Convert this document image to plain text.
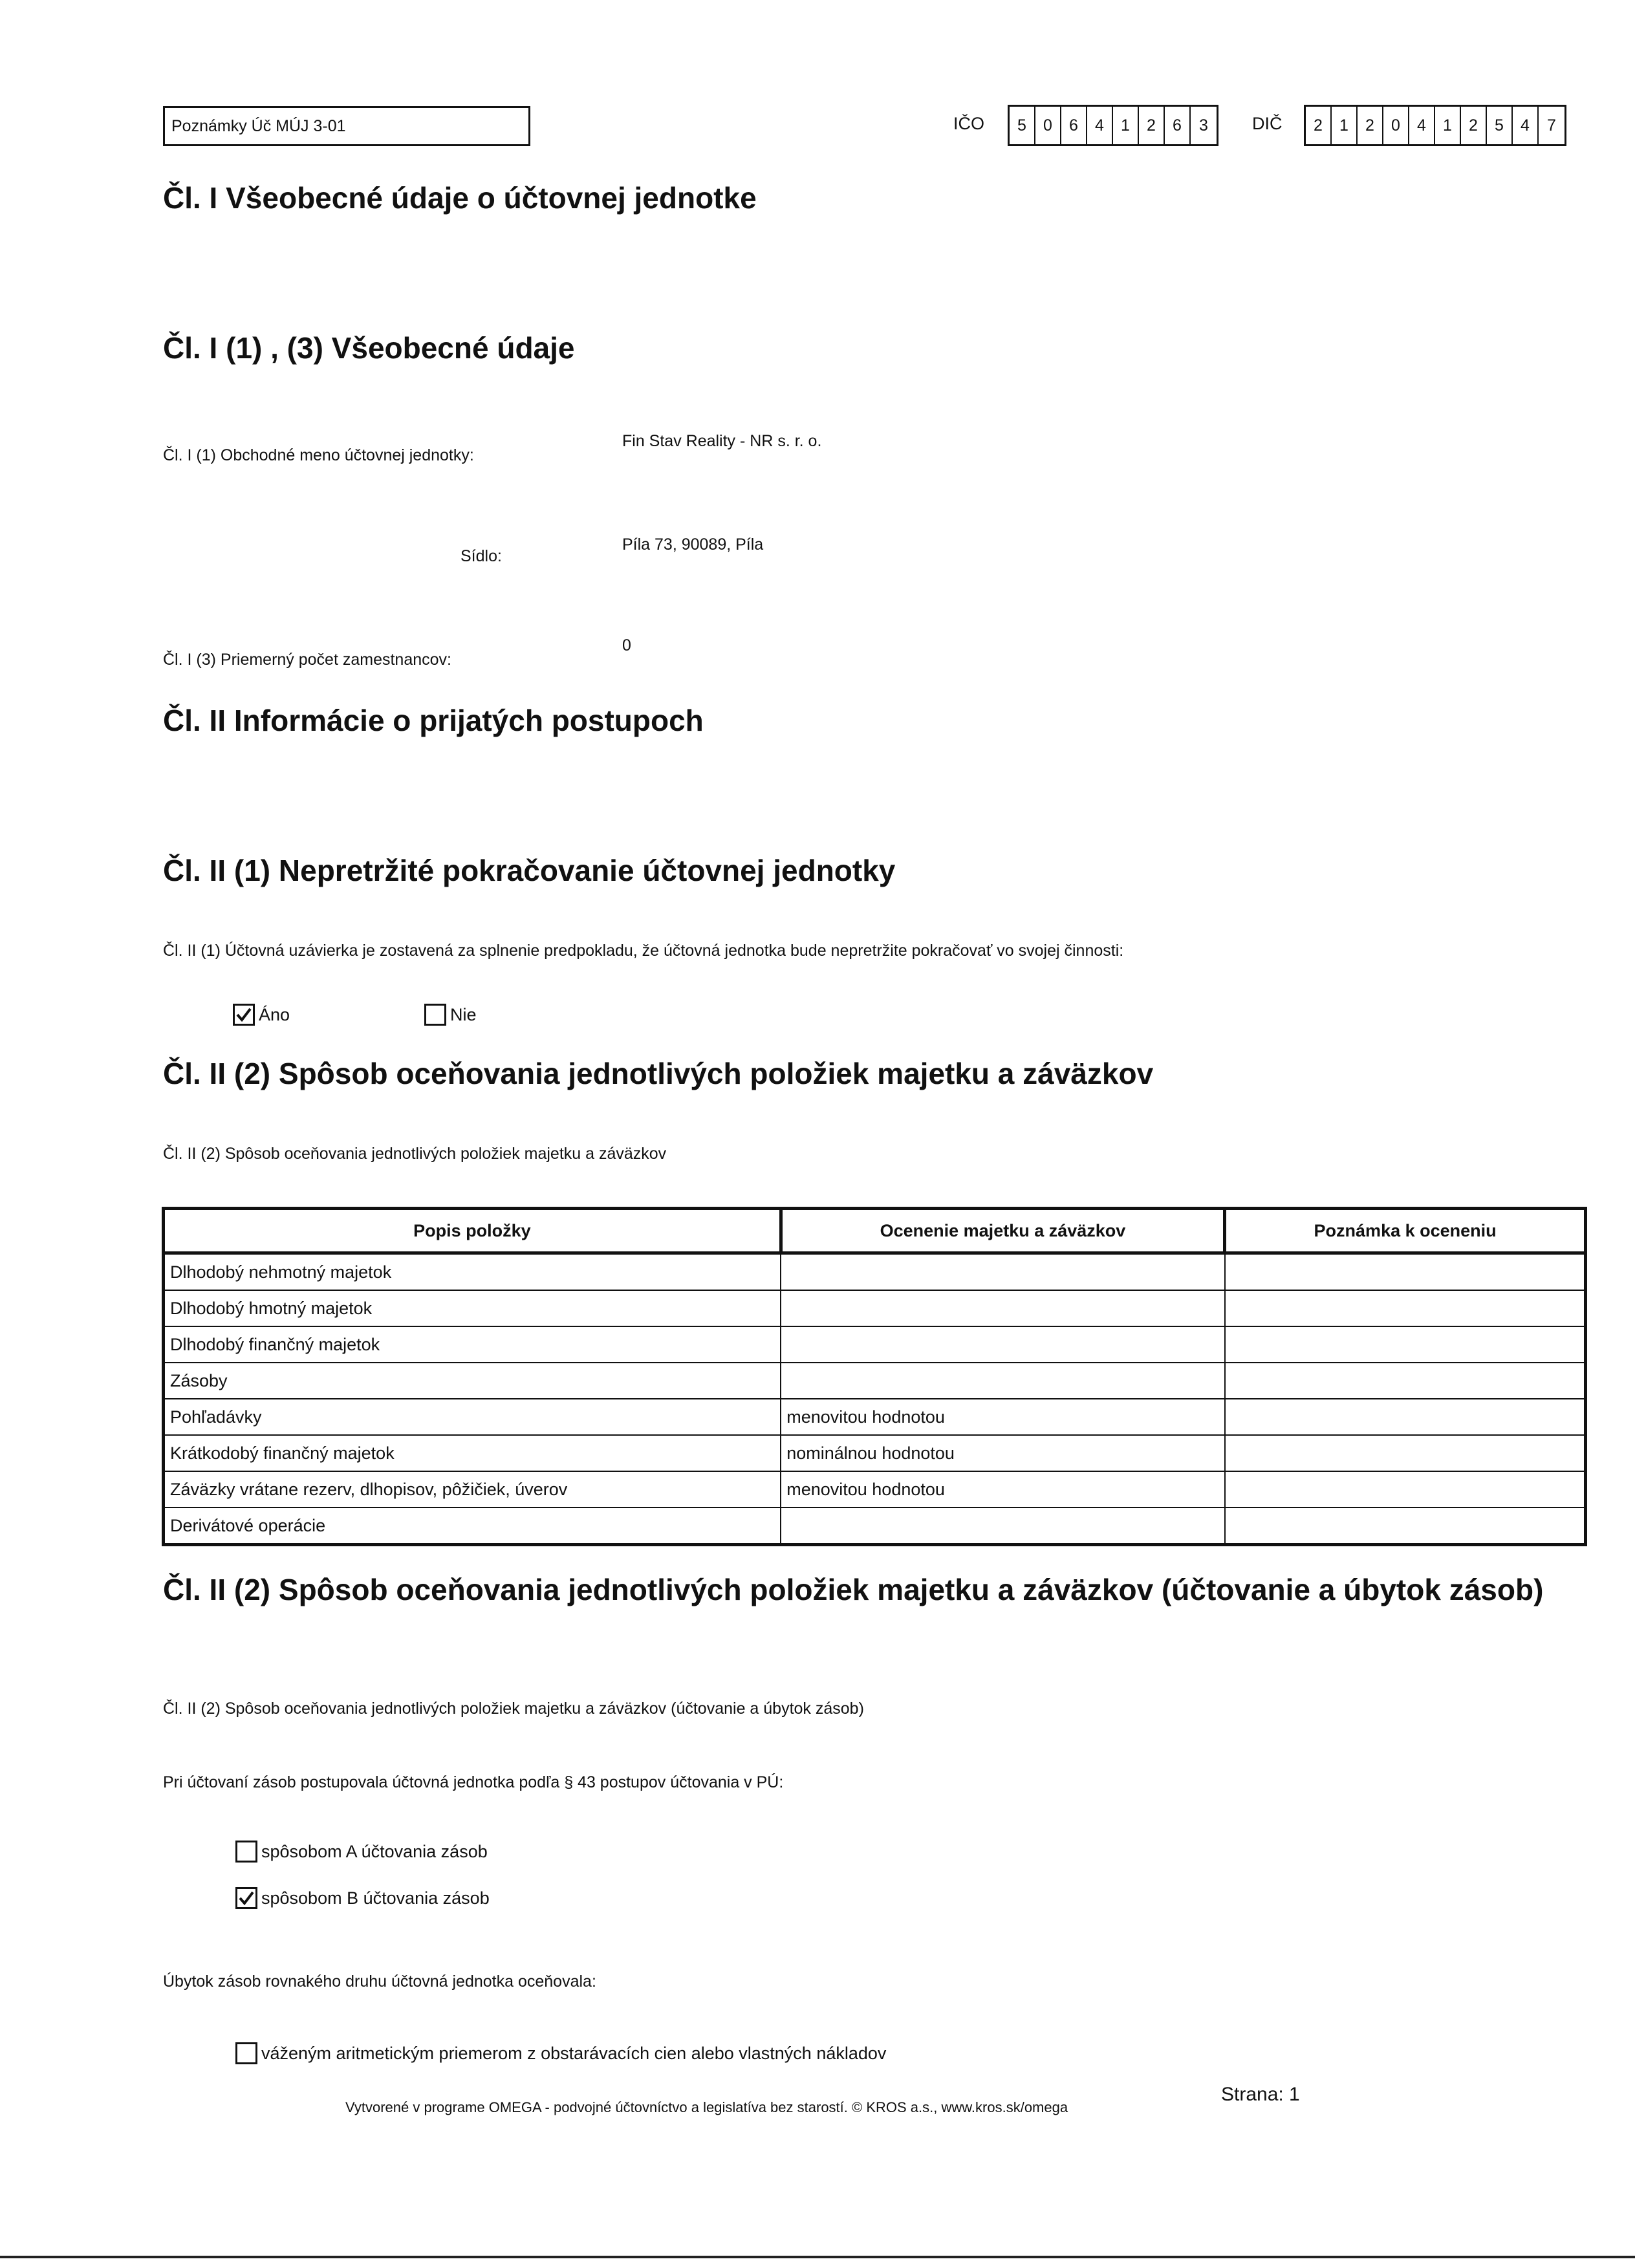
Poznámky Úč MÚJ 3-01	IČO	5	0	6	4	1	2	6	3	DIČ	2	1	2	0	4	1	2	5	4	7
Čl. I Všeobecné údaje o účtovnej jednotke
Čl. I (1) , (3) Všeobecné údaje
Čl. I (1) Obchodné meno účtovnej jednotky:
Fin Stav Reality - NR s. r. o.
Sídlo:
Píla 73, 90089, Píla
Čl. I (3) Priemerný počet zamestnancov:
0
Čl. II Informácie o prijatých postupoch
Čl. II (1) Nepretržité pokračovanie účtovnej jednotky
Čl. II (1) Účtovná uzávierka je zostavená za splnenie predpokladu, že účtovná jednotka bude nepretržite pokračovať vo svojej činnosti:
Áno	Nie
Čl. II (2) Spôsob oceňovania jednotlivých položiek majetku a záväzkov
Čl. II (2) Spôsob oceňovania jednotlivých položiek majetku a záväzkov
Popis položky	Ocenenie majetku a záväzkov	Poznámka k oceneniu
Dlhodobý nehmotný majetok		
Dlhodobý hmotný majetok		
Dlhodobý finančný majetok		
Zásoby		
Pohľadávky	menovitou hodnotou	
Krátkodobý finančný majetok	nominálnou hodnotou	
Záväzky vrátane rezerv, dlhopisov, pôžičiek, úverov	menovitou hodnotou	
Derivátové operácie		
Čl. II (2) Spôsob oceňovania jednotlivých položiek majetku a záväzkov (účtovanie a úbytok zásob)
Čl. II (2) Spôsob oceňovania jednotlivých položiek majetku a záväzkov (účtovanie a úbytok zásob)
Pri účtovaní zásob postupovala účtovná jednotka podľa § 43 postupov účtovania v PÚ:
spôsobom A účtovania zásob
spôsobom B účtovania zásob
Úbytok zásob rovnakého druhu účtovná jednotka oceňovala:
váženým aritmetickým priemerom z obstarávacích cien alebo vlastných nákladov
Vytvorené v programe OMEGA - podvojné účtovníctvo a legislatíva bez starostí. © KROS a.s., www.kros.sk/omega
Strana: 1
